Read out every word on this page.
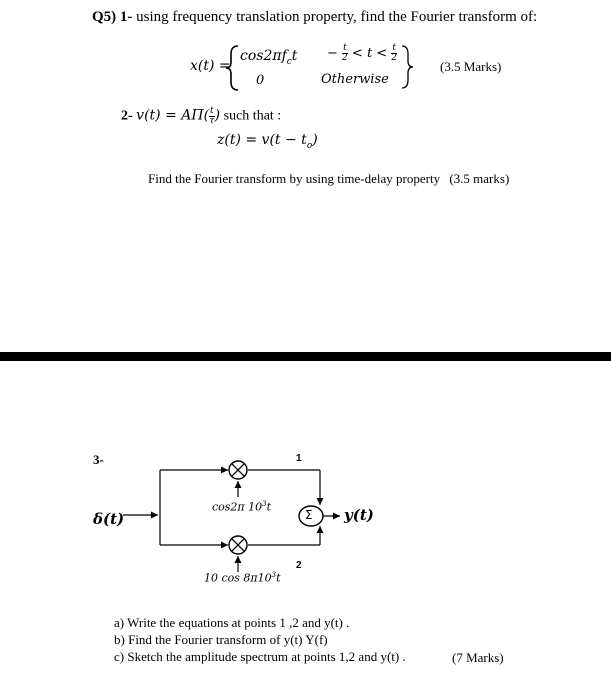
Q5) 1- using frequency translation property, find the Fourier transform of:
x(t) =
$\cos 2\pi f_ct$
0
− $\frac{t}{2} < t < \frac{t}{2}$
Otherwise
(3.5 Marks)
2- $v(t) = A\Pi( \frac{t}{\tau}$ ) such that :
$z(t) = v(t - t_o)$
Find the Fourier transform by using time-delay property (3.5 marks)
3-
δ(t)	Σ y(t)
1
2
cos2π $10^3t$
10 $\cos 8\pi 10^3t$
a) Write the equations at points 1 ,2 and y(t) .
b) Find the Fourier transform of y(t) Y(f)
c) Sketch the amplitude spectrum at points 1,2 and y(t) .	(7 Marks)
